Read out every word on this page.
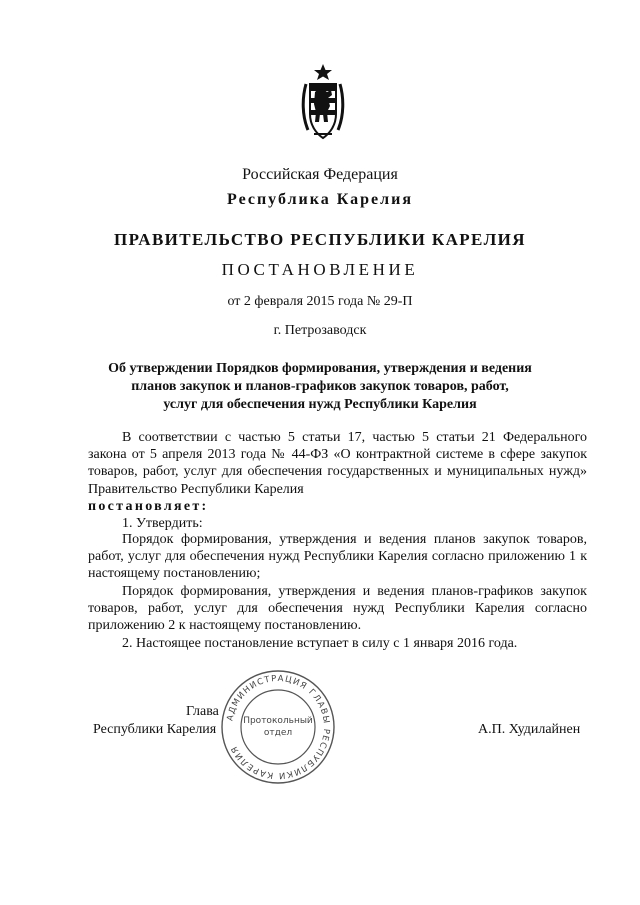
Российская Федерация
Республика Карелия
ПРАВИТЕЛЬСТВО РЕСПУБЛИКИ КАРЕЛИЯ
ПОСТАНОВЛЕНИЕ
от 2 февраля 2015 года № 29-П
г. Петрозаводск
Об утверждении Порядков формирования, утверждения и ведения
планов закупок и планов-графиков закупок товаров, работ,
услуг для обеспечения нужд Республики Карелия
В соответствии с частью 5 статьи 17, частью 5 статьи 21 Федерального закона от 5 апреля 2013 года № 44-ФЗ «О контрактной системе в сфере закупок товаров, работ, услуг для обеспечения государственных и муниципальных нужд» Правительство Республики Карелия
постановляет:
1. Утвердить:
Порядок формирования, утверждения и ведения планов закупок товаров, работ, услуг для обеспечения нужд Республики Карелия согласно приложению 1 к настоящему постановлению;
Порядок формирования, утверждения и ведения планов-графиков закупок товаров, работ, услуг для обеспечения нужд Республики Карелия согласно приложению 2 к настоящему постановлению.
2. Настоящее постановление вступает в силу с 1 января 2016 года.
АДМИНИСТРАЦИЯ ГЛАВЫ РЕСПУБЛИКИ КАРЕЛИЯ
Протокольный
отдел
Глава
Республики Карелия	А.П. Худилайнен
